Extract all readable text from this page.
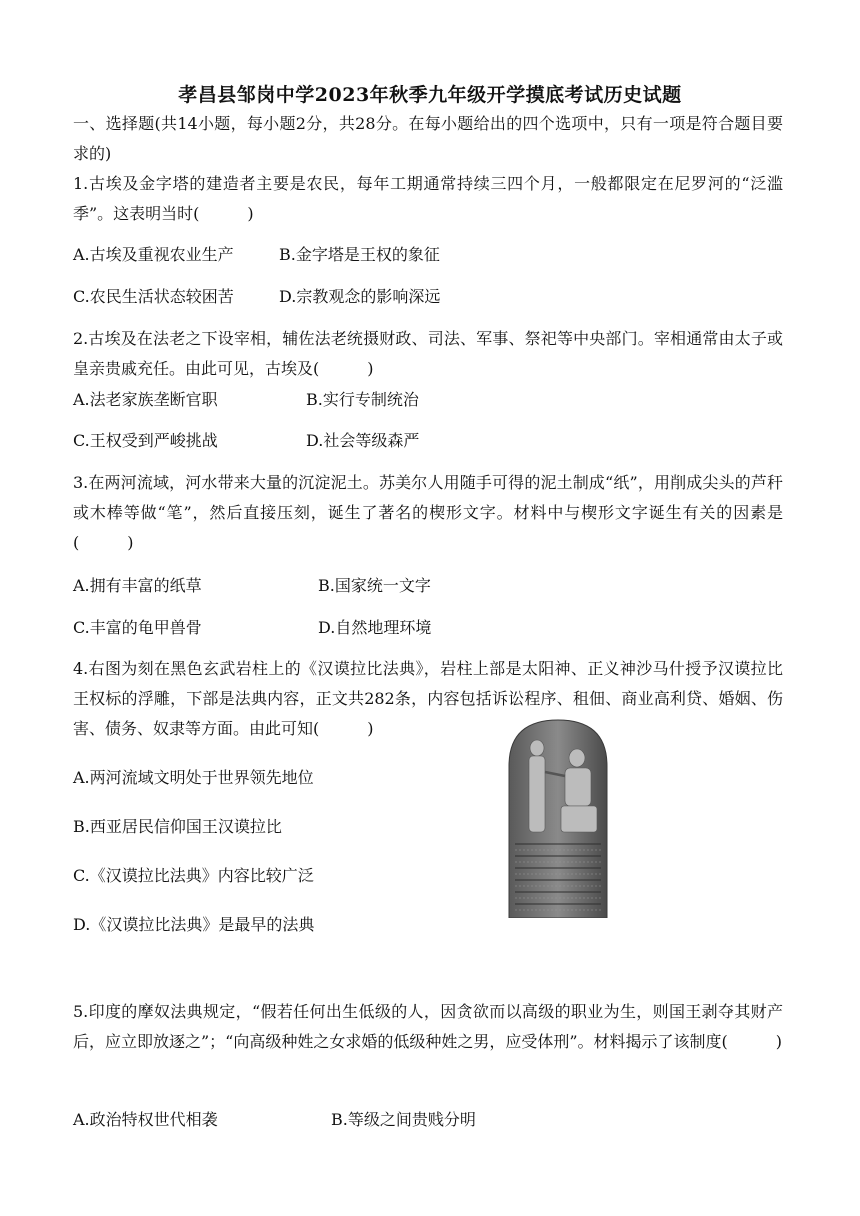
孝昌县邹岗中学2023年秋季九年级开学摸底考试历史试题
一、选择题(共14小题，每小题2分，共28分。在每小题给出的四个选项中，只有一项是符合题目要求的)
1.古埃及金字塔的建造者主要是农民，每年工期通常持续三四个月，一般都限定在尼罗河的“泛滥季”。这表明当时(　　　)
A.古埃及重视农业生产	B.金字塔是王权的象征
C.农民生活状态较困苦	D.宗教观念的影响深远
2.古埃及在法老之下设宰相，辅佐法老统摄财政、司法、军事、祭祀等中央部门。宰相通常由太子或皇亲贵戚充任。由此可见，古埃及(　　　)
A.法老家族垄断官职	B.实行专制统治
C.王权受到严峻挑战	D.社会等级森严
3.在两河流域，河水带来大量的沉淀泥土。苏美尔人用随手可得的泥土制成“纸”，用削成尖头的芦秆或木棒等做“笔”，然后直接压刻，诞生了著名的楔形文字。材料中与楔形文字诞生有关的因素是(　　　)
A.拥有丰富的纸草	B.国家统一文字
C.丰富的龟甲兽骨	D.自然地理环境
4.右图为刻在黑色玄武岩柱上的《汉谟拉比法典》，岩柱上部是太阳神、正义神沙马什授予汉谟拉比王权标的浮雕，下部是法典内容，正文共282条，内容包括诉讼程序、租佃、商业高利贷、婚姻、伤害、债务、奴隶等方面。由此可知(　　　)
A.两河流域文明处于世界领先地位
B.西亚居民信仰国王汉谟拉比
C.《汉谟拉比法典》内容比较广泛
D.《汉谟拉比法典》是最早的法典
5.印度的摩奴法典规定，“假若任何出生低级的人，因贪欲而以高级的职业为生，则国王剥夺其财产后，应立即放逐之”；“向高级种姓之女求婚的低级种姓之男，应受体刑”。材料揭示了该制度(　　　)
A.政治特权世代相袭	B.等级之间贵贱分明
